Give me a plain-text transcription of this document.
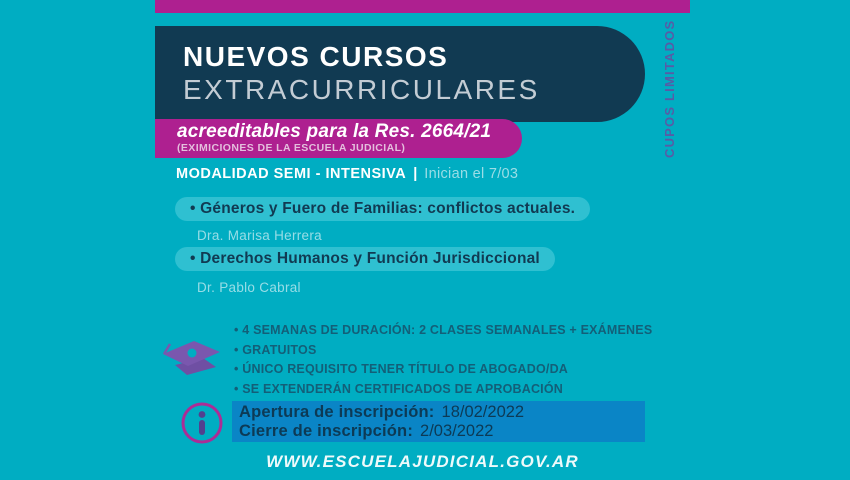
NUEVOS CURSOS
EXTRACURRICULARES	CUPOS LIMITADOS
acreeditables para la Res. 2664/21
(EXIMICIONES DE LA ESCUELA JUDICIAL)
MODALIDAD SEMI - INTENSIVA | Inician el 7/03
• Géneros y Fuero de Familias: conflictos actuales.
Dra. Marisa Herrera
• Derechos Humanos y Función Jurisdiccional
Dr. Pablo Cabral
• 4 SEMANAS DE DURACIÓN: 2 CLASES SEMANALES + EXÁMENES
• GRATUITOS
• ÚNICO REQUISITO TENER TÍTULO DE ABOGADO/DA
• SE EXTENDERÁN CERTIFICADOS DE APROBACIÓN
Apertura de inscripción: 18/02/2022
Cierre de inscripción: 2/03/2022
WWW.ESCUELAJUDICIAL.GOV.AR
